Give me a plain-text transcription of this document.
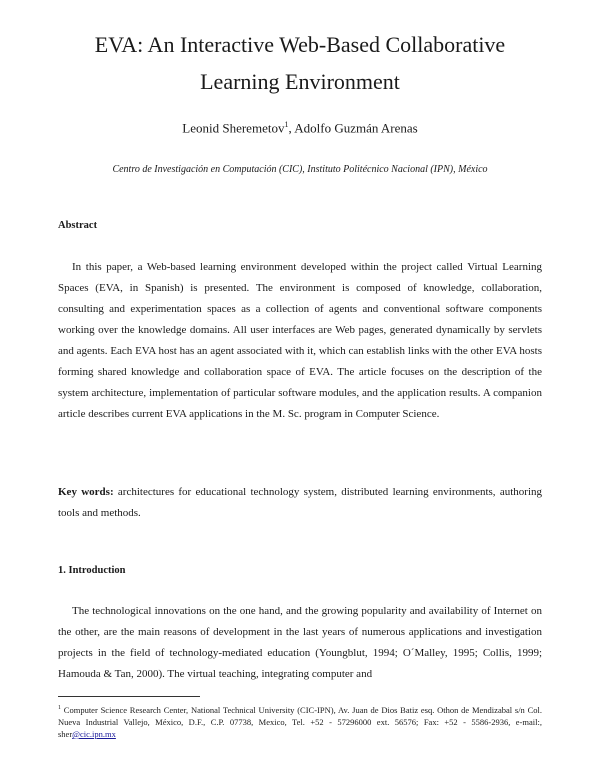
EVA: An Interactive Web-Based Collaborative
Learning Environment
Leonid Sheremetov$^1$, Adolfo Guzmán Arenas
Centro de Investigación en Computación (CIC), Instituto Politécnico Nacional (IPN), México
Abstract

In this paper, a Web-based learning environment developed within the project called Virtual Learning Spaces (EVA, in Spanish) is presented. The environment is composed of knowledge, collaboration, consulting and experimentation spaces as a collection of agents and conventional software components working over the knowledge domains. All user interfaces are Web pages, generated dynamically by servlets and agents. Each EVA host has an agent associated with it, which can establish links with the other EVA hosts forming shared knowledge and collaboration space of EVA. The article focuses on the description of the system architecture, implementation of particular software modules, and the application results. A companion article describes current EVA applications in the M. Sc. program in Computer Science.

Key words: architectures for educational technology system, distributed learning environments, authoring tools and methods.

1. Introduction

The technological innovations on the one hand, and the growing popularity and availability of Internet on the other, are the main reasons of development in the last years of numerous applications and investigation projects in the field of technology-mediated education (Youngblut, 1994; O´Malley, 1995; Collis, 1999; Hamouda & Tan, 2000). The virtual teaching, integrating computer and

$^1$ Computer Science Research Center, National Technical University (CIC-IPN), Av. Juan de Dios Batiz esq. Othon de Mendizabal s/n Col. Nueva Industrial Vallejo, México, D.F., C.P. 07738, Mexico, Tel. +52 - 57296000 ext. 56576; Fax: +52 - 5586-2936, e-mail:, sher@cic.ipn.mx
